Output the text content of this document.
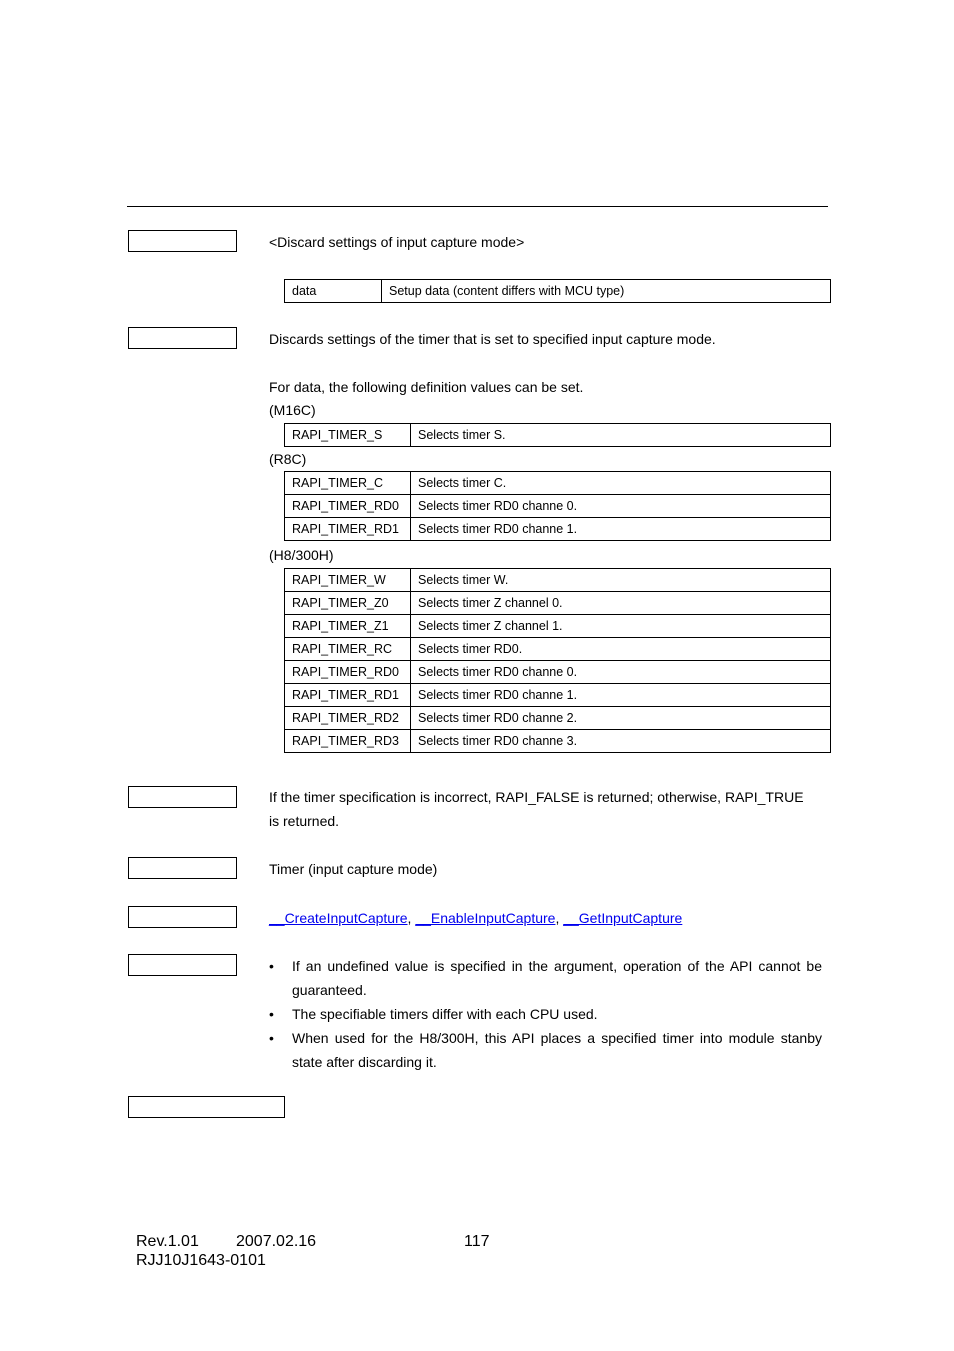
<Discard settings of input capture mode>
data	Setup data (content differs with MCU type)
Discards settings of the timer that is set to specified input capture mode.
For data, the following definition values can be set.
(M16C)
RAPI_TIMER_S	Selects timer S.
(R8C)
RAPI_TIMER_C	Selects timer C.
RAPI_TIMER_RD0	Selects timer RD0 channe 0.
RAPI_TIMER_RD1	Selects timer RD0 channe 1.
(H8/300H)
RAPI_TIMER_W	Selects timer W.
RAPI_TIMER_Z0	Selects timer Z channel 0.
RAPI_TIMER_Z1	Selects timer Z channel 1.
RAPI_TIMER_RC	Selects timer RD0.
RAPI_TIMER_RD0	Selects timer RD0 channe 0.
RAPI_TIMER_RD1	Selects timer RD0 channe 1.
RAPI_TIMER_RD2	Selects timer RD0 channe 2.
RAPI_TIMER_RD3	Selects timer RD0 channe 3.
If the timer specification is incorrect, RAPI_FALSE is returned; otherwise, RAPI_TRUE
is returned.
Timer (input capture mode)
__CreateInputCapture, __EnableInputCapture, __GetInputCapture
• If an undefined value is specified in the argument, operation of the API cannot be guaranteed.
• The specifiable timers differ with each CPU used.
• When used for the H8/300H, this API places a specified timer into module stanby state after discarding it.
Rev.1.01 2007.02.16	117
RJJ10J1643-0101
